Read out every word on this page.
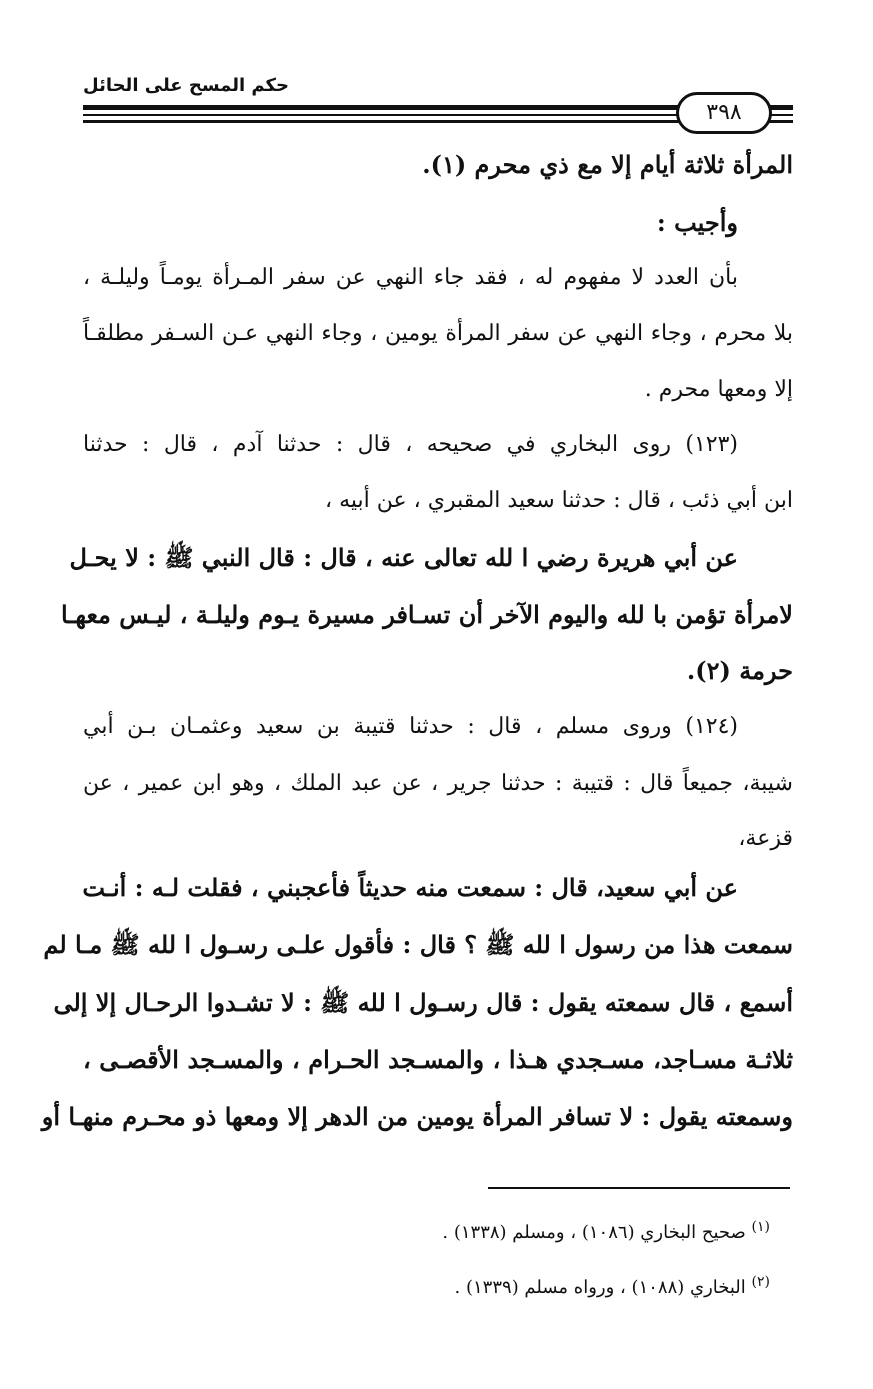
حكم المسح على الحائل
٣٩٨
المرأة ثلاثة أيام إلا مع ذي محرم (١).
وأجيب :
بأن العدد لا مفهوم له ، فقد جاء النهي عن سفر المـرأة يومـاً وليلـة ،
بلا محرم ، وجاء النهي عن سفر المرأة يومين ، وجاء النهي عـن السـفر مطلقـاً
إلا ومعها محرم .
(١٢٣) روى البخاري في صحيحه ، قال : حدثنا آدم ، قال : حدثنا
ابن أبي ذئب ، قال : حدثنا سعيد المقبري ، عن أبيه ،
عن أبي هريرة رضي ا لله تعالى عنه ، قال : قال النبي ﷺ : لا يحـل
لامرأة تؤمن با لله واليوم الآخر أن تسـافر مسيرة يـوم وليلـة ، ليـس معهـا
حرمة (٢).
(١٢٤) وروى مسلم ، قال : حدثنا قتيبة بن سعيد وعثمـان بـن أبي
شيبة، جميعاً قال : قتيبة : حدثنا جرير ، عن عبد الملك ، وهو ابن عمير ، عن
قزعة،
عن أبي سعيد، قال : سمعت منه حديثاً فأعجبني ، فقلت لـه : أنـت
سمعت هذا من رسول ا لله ﷺ ؟ قال : فأقول علـى رسـول ا لله ﷺ مـا لم
أسمع ، قال سمعته يقول : قال رسـول ا لله ﷺ : لا تشـدوا الرحـال إلا إلى
ثلاثـة مسـاجد، مسـجدي هـذا ، والمسـجد الحـرام ، والمسـجد الأقصـى ،
وسمعته يقول : لا تسافر المرأة يومين من الدهر إلا ومعها ذو محـرم منهـا أو
$^{(١)}$ صحيح البخاري (١٠٨٦) ، ومسلم (١٣٣٨) .
$^{(٢)}$ البخاري (١٠٨٨) ، ورواه مسلم (١٣٣٩) .
